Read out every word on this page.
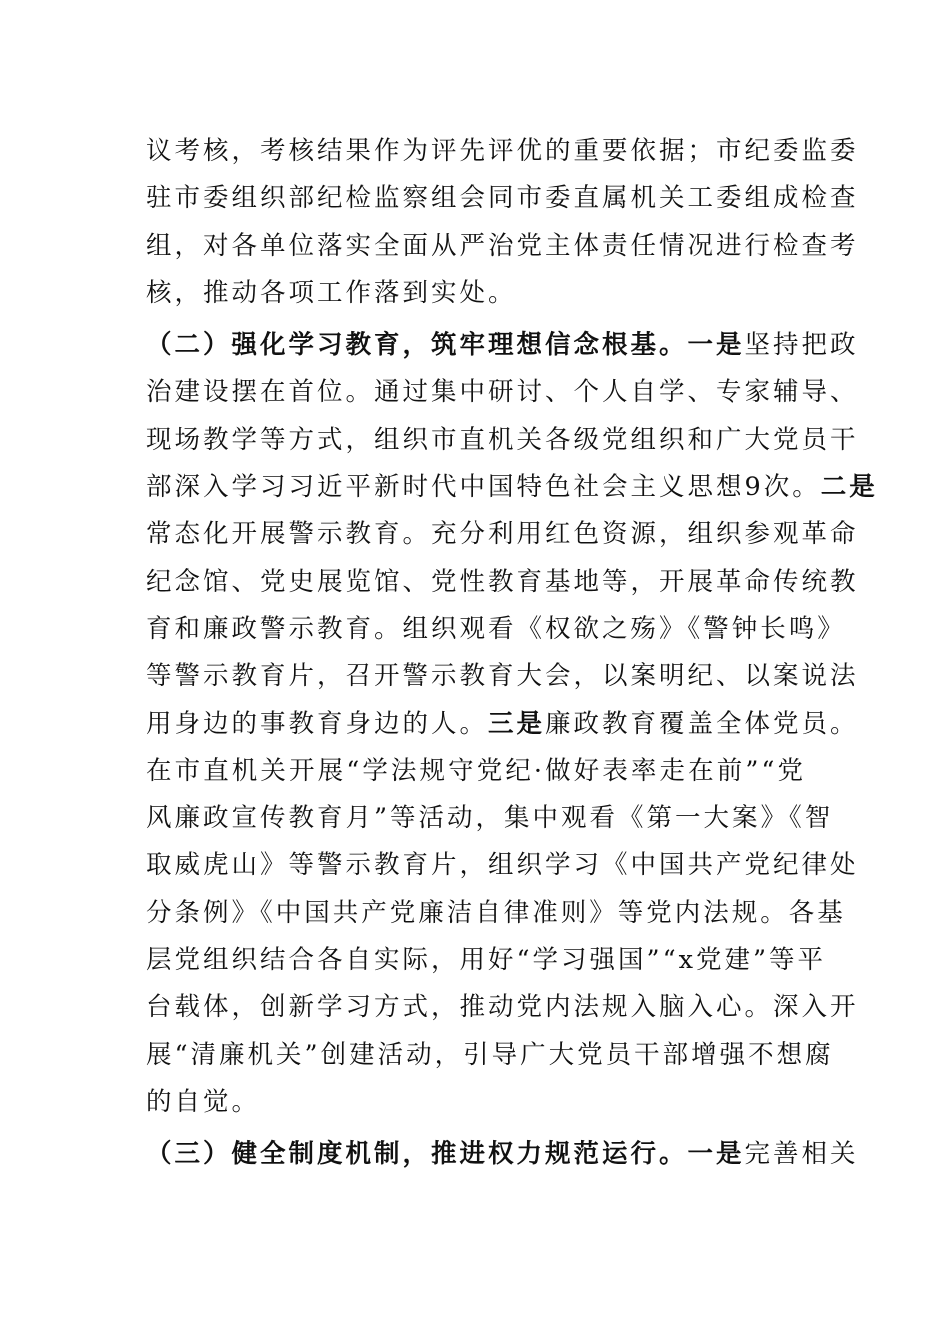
议考核，考核结果作为评先评优的重要依据；市纪委监委
驻市委组织部纪检监察组会同市委直属机关工委组成检查
组，对各单位落实全面从严治党主体责任情况进行检查考
核，推动各项工作落到实处。
（二）强化学习教育，筑牢理想信念根基。一是坚持把政
治建设摆在首位。通过集中研讨、个人自学、专家辅导、
现场教学等方式，组织市直机关各级党组织和广大党员干
部深入学习习近平新时代中国特色社会主义思想9次。二是
常态化开展警示教育。充分利用红色资源，组织参观革命
纪念馆、党史展览馆、党性教育基地等，开展革命传统教
育和廉政警示教育。组织观看《权欲之殇》《警钟长鸣》
等警示教育片，召开警示教育大会，以案明纪、以案说法
用身边的事教育身边的人。三是廉政教育覆盖全体党员。
在市直机关开展“学法规守党纪·做好表率走在前”“党
风廉政宣传教育月”等活动，集中观看《第一大案》《智
取威虎山》等警示教育片，组织学习《中国共产党纪律处
分条例》《中国共产党廉洁自律准则》等党内法规。各基
层党组织结合各自实际，用好“学习强国”“x党建”等平
台载体，创新学习方式，推动党内法规入脑入心。深入开
展“清廉机关”创建活动，引导广大党员干部增强不想腐
的自觉。
（三）健全制度机制，推进权力规范运行。一是完善相关
